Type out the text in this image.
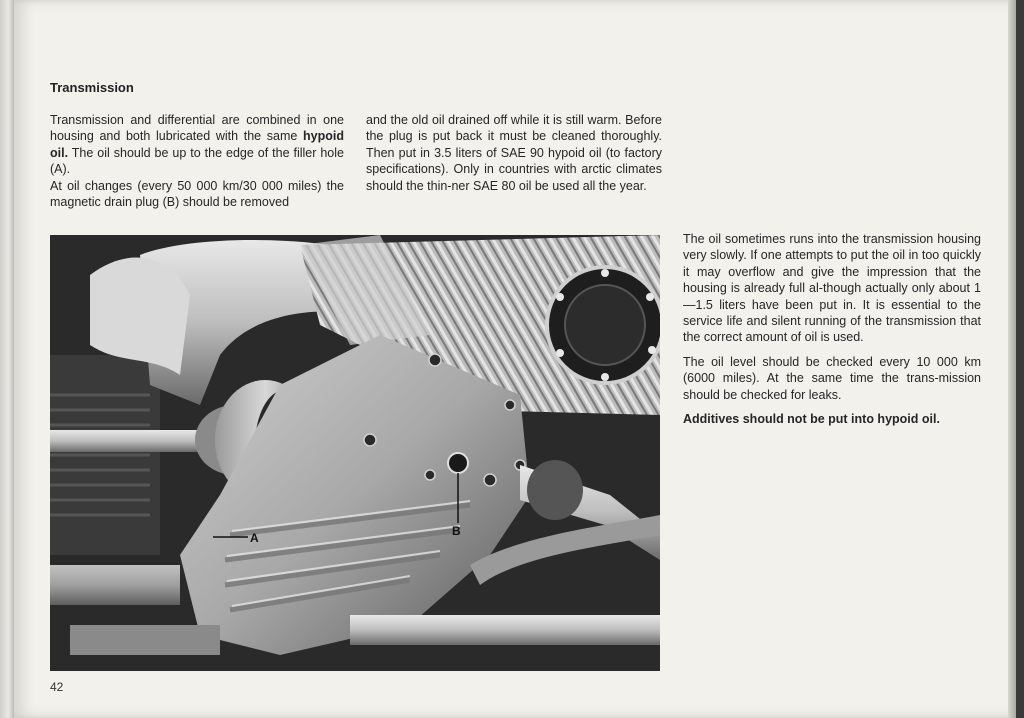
Transmission

Transmission and differential are combined in one housing and both lubricated with the same hypoid oil. The oil should be up to the edge of the filler hole (A).

At oil changes (every 50 000 km/30 000 miles) the magnetic drain plug (B) should be removed

and the old oil drained off while it is still warm. Before the plug is put back it must be cleaned thoroughly. Then put in 3.5 liters of SAE 90 hypoid oil (to factory specifications). Only in countries with arctic climates should the thin-ner SAE 80 oil be used all the year.

A	B

The oil sometimes runs into the transmission housing very slowly. If one attempts to put the oil in too quickly it may overflow and give the impression that the housing is already full al-though actually only about 1—1.5 liters have been put in. It is essential to the service life and silent running of the transmission that the correct amount of oil is used.

The oil level should be checked every 10 000 km (6000 miles). At the same time the trans-mission should be checked for leaks.

Additives should not be put into hypoid oil.

42
